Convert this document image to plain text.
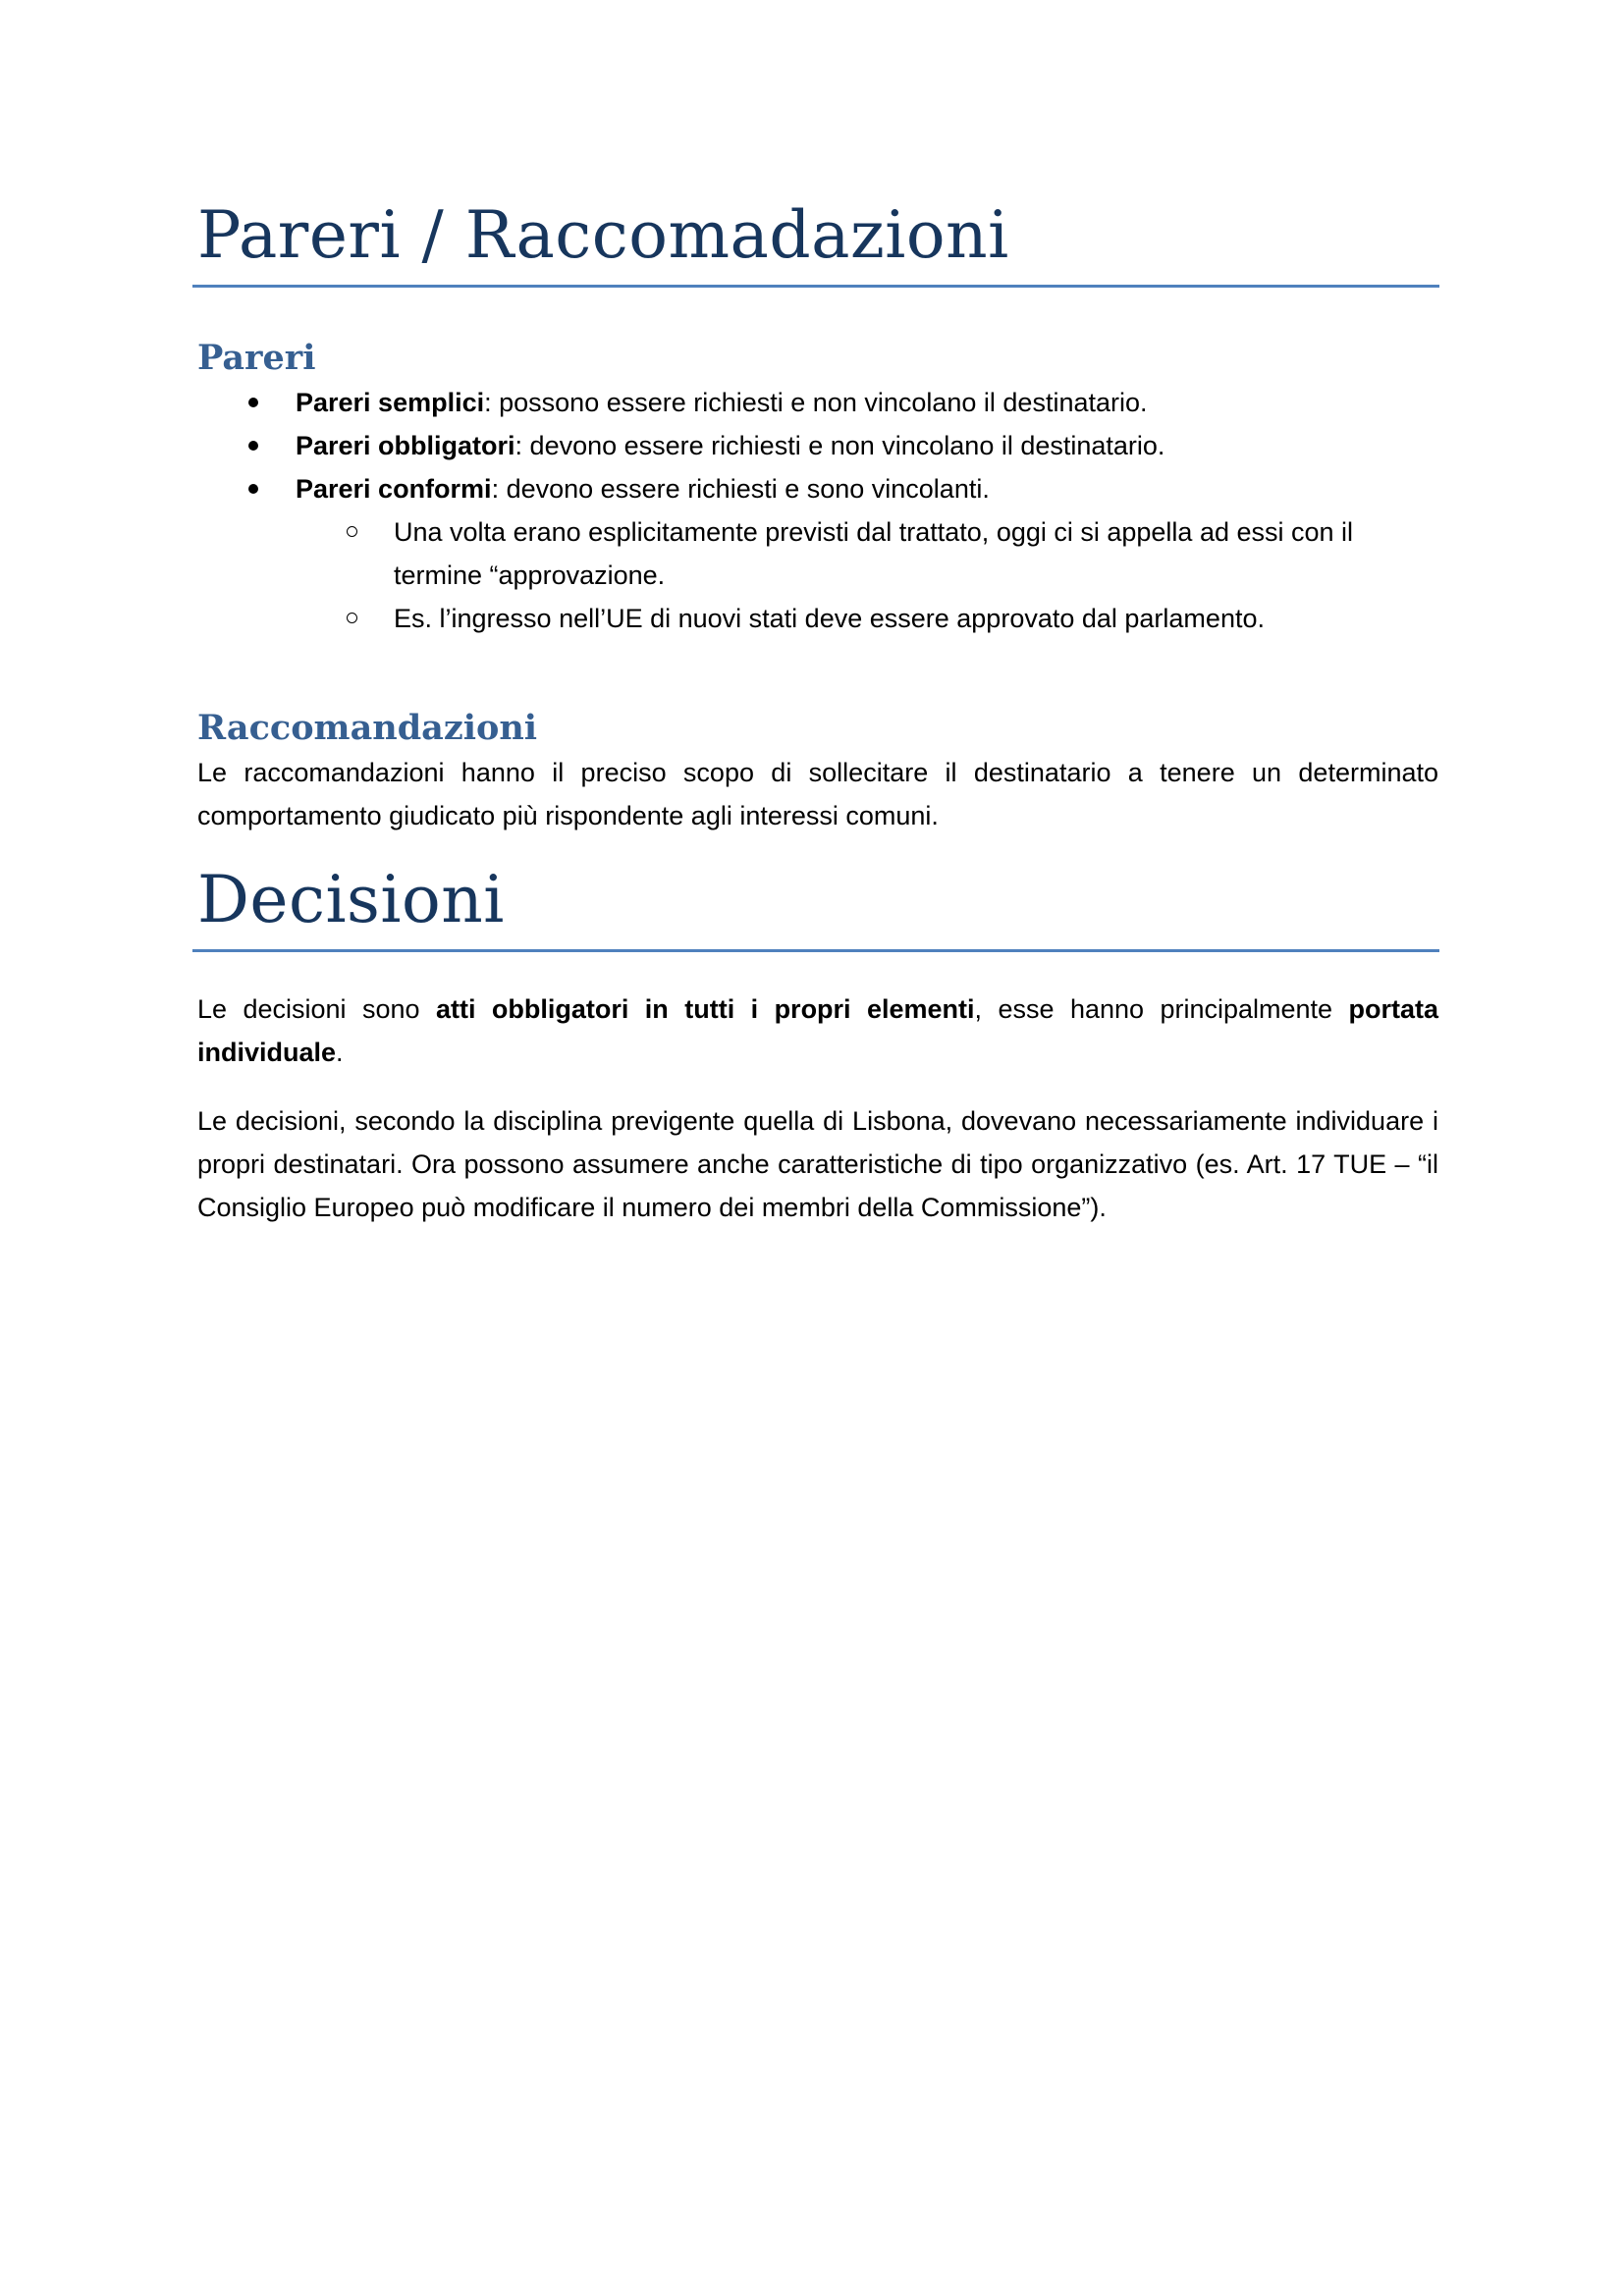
Pareri / Raccomadazioni
Pareri
Pareri semplici: possono essere richiesti e non vincolano il destinatario.
Pareri obbligatori: devono essere richiesti e non vincolano il destinatario.
Pareri conformi: devono essere richiesti e sono vincolanti.
Una volta erano esplicitamente previsti dal trattato, oggi ci si appella ad essi con il termine “approvazione.
Es. l’ingresso nell’UE di nuovi stati deve essere approvato dal parlamento.
Raccomandazioni

Le raccomandazioni hanno il preciso scopo di sollecitare il destinatario a tenere un determinato comportamento giudicato più rispondente agli interessi comuni.

Decisioni

Le decisioni sono atti obbligatori in tutti i propri elementi, esse hanno principalmente portata individuale.

Le decisioni, secondo la disciplina previgente quella di Lisbona, dovevano necessariamente individuare i propri destinatari. Ora possono assumere anche caratteristiche di tipo organizzativo (es. Art. 17 TUE – “il Consiglio Europeo può modificare il numero dei membri della Commissione”).
